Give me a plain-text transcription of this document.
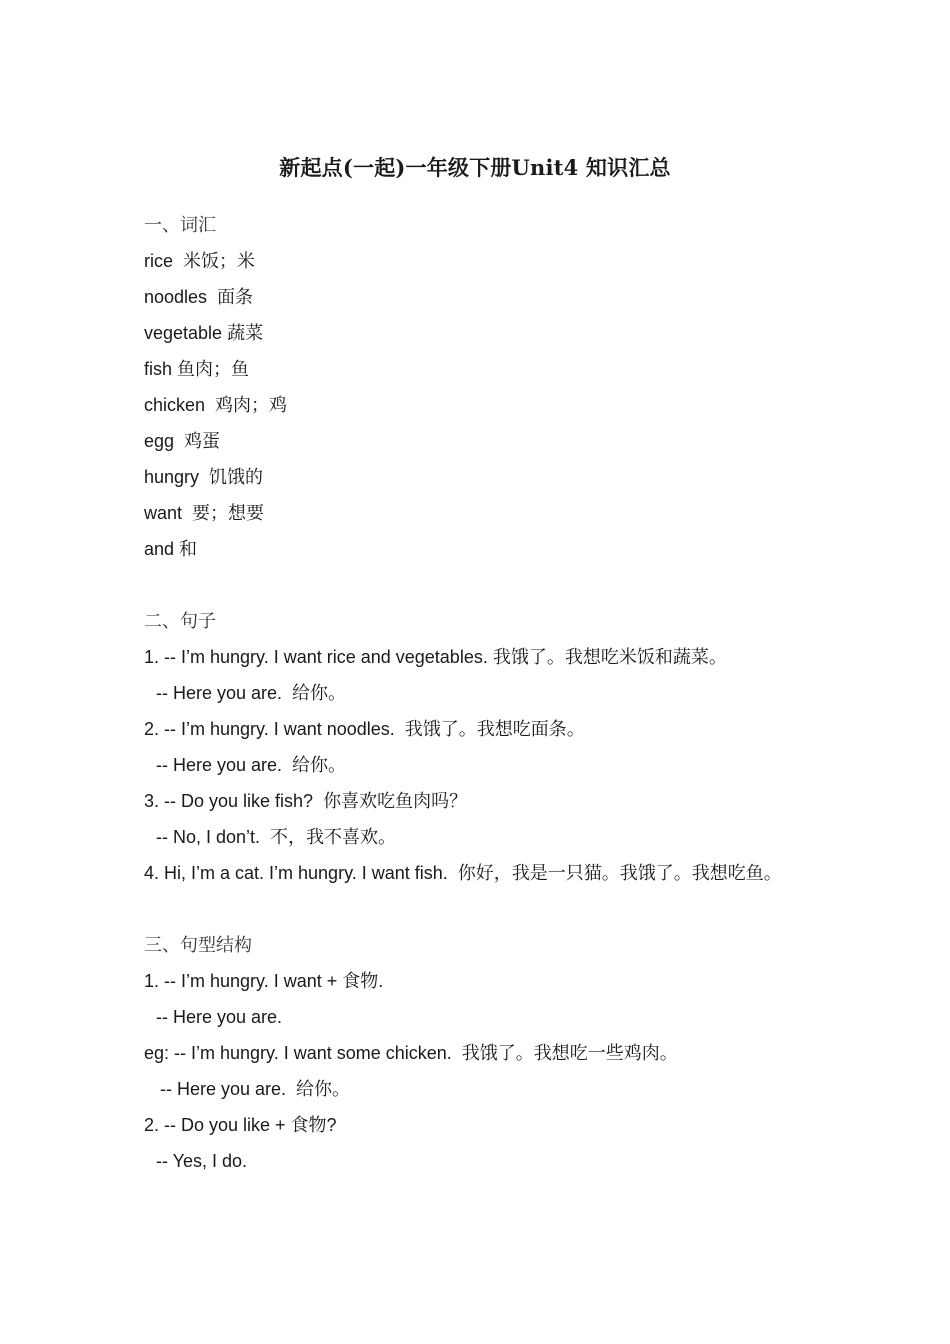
新起点(一起)一年级下册Unit4 知识汇总
一、词汇
rice  米饭；米
noodles  面条
vegetable 蔬菜
fish 鱼肉；鱼
chicken  鸡肉；鸡
egg  鸡蛋
hungry  饥饿的
want  要；想要
and 和
二、句子
1. -- I’m hungry. I want rice and vegetables. 我饿了。我想吃米饭和蔬菜。
-- Here you are.  给你。
2. -- I’m hungry. I want noodles.  我饿了。我想吃面条。
-- Here you are.  给你。
3. -- Do you like fish?  你喜欢吃鱼肉吗？
-- No, I don’t.  不，我不喜欢。
4. Hi, I’m a cat. I’m hungry. I want fish.  你好，我是一只猫。我饿了。我想吃鱼。
三、句型结构
1. -- I’m hungry. I want + 食物.
-- Here you are.
eg: -- I’m hungry. I want some chicken.  我饿了。我想吃一些鸡肉。
-- Here you are.  给你。
2. -- Do you like + 食物?
-- Yes, I do.
